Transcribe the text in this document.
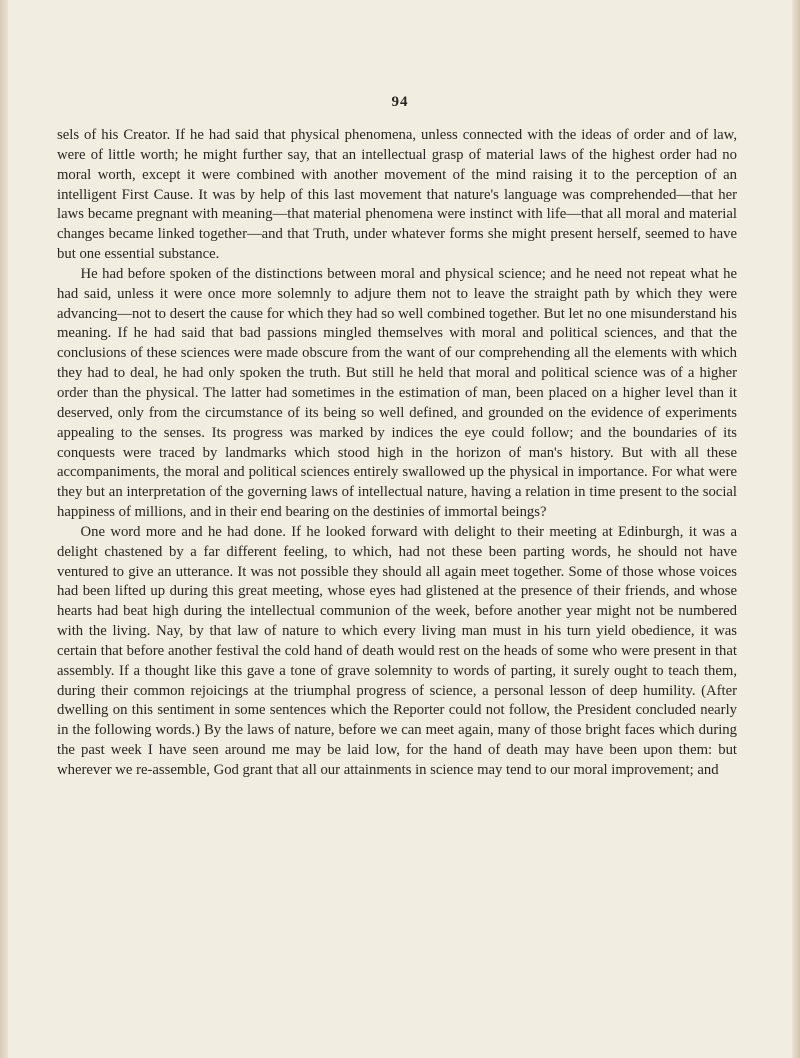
94

sels of his Creator. If he had said that physical phenomena, unless connected with the ideas of order and of law, were of little worth; he might further say, that an intellectual grasp of material laws of the highest order had no moral worth, except it were combined with another movement of the mind raising it to the perception of an intelligent First Cause. It was by help of this last movement that nature's language was comprehended—that her laws became pregnant with meaning—that material phenomena were instinct with life—that all moral and material changes became linked together—and that Truth, under whatever forms she might present herself, seemed to have but one essential substance.

He had before spoken of the distinctions between moral and physical science; and he need not repeat what he had said, unless it were once more solemnly to adjure them not to leave the straight path by which they were advancing—not to desert the cause for which they had so well combined together. But let no one misunderstand his meaning. If he had said that bad passions mingled themselves with moral and political sciences, and that the conclusions of these sciences were made obscure from the want of our comprehending all the elements with which they had to deal, he had only spoken the truth. But still he held that moral and political science was of a higher order than the physical. The latter had sometimes in the estimation of man, been placed on a higher level than it deserved, only from the circumstance of its being so well defined, and grounded on the evidence of experiments appealing to the senses. Its progress was marked by indices the eye could follow; and the boundaries of its conquests were traced by landmarks which stood high in the horizon of man's history. But with all these accompaniments, the moral and political sciences entirely swallowed up the physical in importance. For what were they but an interpretation of the governing laws of intellectual nature, having a relation in time present to the social happiness of millions, and in their end bearing on the destinies of immortal beings?

One word more and he had done. If he looked forward with delight to their meeting at Edinburgh, it was a delight chastened by a far different feeling, to which, had not these been parting words, he should not have ventured to give an utterance. It was not possible they should all again meet together. Some of those whose voices had been lifted up during this great meeting, whose eyes had glistened at the presence of their friends, and whose hearts had beat high during the intellectual communion of the week, before another year might not be numbered with the living. Nay, by that law of nature to which every living man must in his turn yield obedience, it was certain that before another festival the cold hand of death would rest on the heads of some who were present in that assembly. If a thought like this gave a tone of grave solemnity to words of parting, it surely ought to teach them, during their common rejoicings at the triumphal progress of science, a personal lesson of deep humility. (After dwelling on this sentiment in some sentences which the Reporter could not follow, the President concluded nearly in the following words.) By the laws of nature, before we can meet again, many of those bright faces which during the past week I have seen around me may be laid low, for the hand of death may have been upon them: but wherever we re-assemble, God grant that all our attainments in science may tend to our moral improvement; and
